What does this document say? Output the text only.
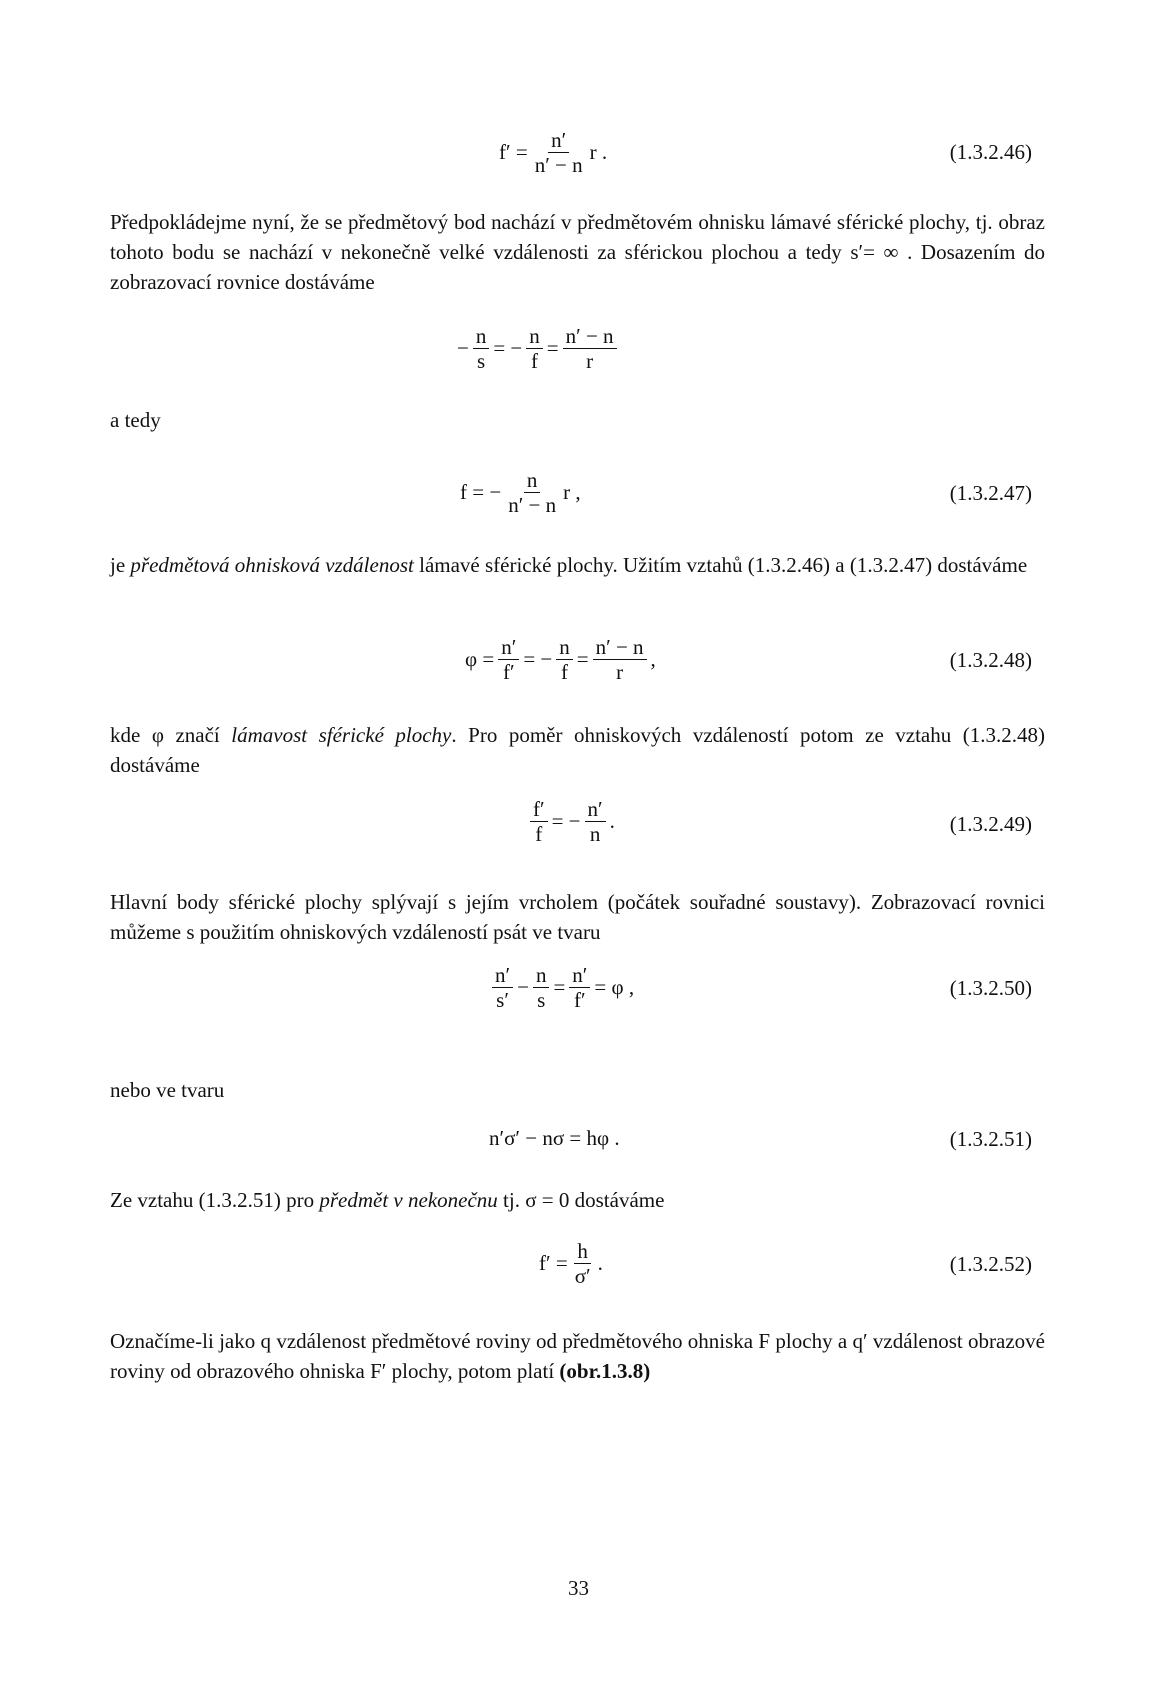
$f' = \frac{n'}{n' - n}$ r .	(1.3.2.46)
Předpokládejme nyní, že se předmětový bod nachází v předmětovém ohnisku lámavé sférické plochy, tj. obraz tohoto bodu se nachází v nekonečně velké vzdálenosti za sférickou plochou a tedy s′= ∞ . Dosazením do zobrazovací rovnice dostáváme
− $\frac{n}{s}$ = − $\frac{n}{f} = \frac{n' - n}{r}$
a tedy
f = − $\frac{n}{n' - n}$ r ,	(1.3.2.47)
je předmětová ohnisková vzdálenost lámavé sférické plochy. Užitím vztahů (1.3.2.46) a (1.3.2.47) dostáváme
$\varphi = \frac{n'}{f'}$ = − $\frac{n}{f} = \frac{n' - n}{r}$ ,	(1.3.2.48)
kde φ značí lámavost sférické plochy. Pro poměr ohniskových vzdáleností potom ze vztahu (1.3.2.48) dostáváme
$\frac{f'}{f}$ = − $\frac{n'}{n}$ .	(1.3.2.49)
Hlavní body sférické plochy splývají s jejím vrcholem (počátek souřadné soustavy). Zobrazovací rovnici můžeme s použitím ohniskových vzdáleností psát ve tvaru
$\frac{n'}{s'} - \frac{n}{s} = \frac{n'}{f'} = \varphi$ ,	(1.3.2.50)
nebo ve tvaru
n′σ′ − nσ = hφ .	(1.3.2.51)
Ze vztahu (1.3.2.51) pro předmět v nekonečnu tj. σ = 0 dostáváme
$f' = \frac{h}{\sigma'}$ .	(1.3.2.52)
Označíme-li jako q vzdálenost předmětové roviny od předmětového ohniska F plochy a q′ vzdálenost obrazové roviny od obrazového ohniska F′ plochy, potom platí (obr.1.3.8)
33
